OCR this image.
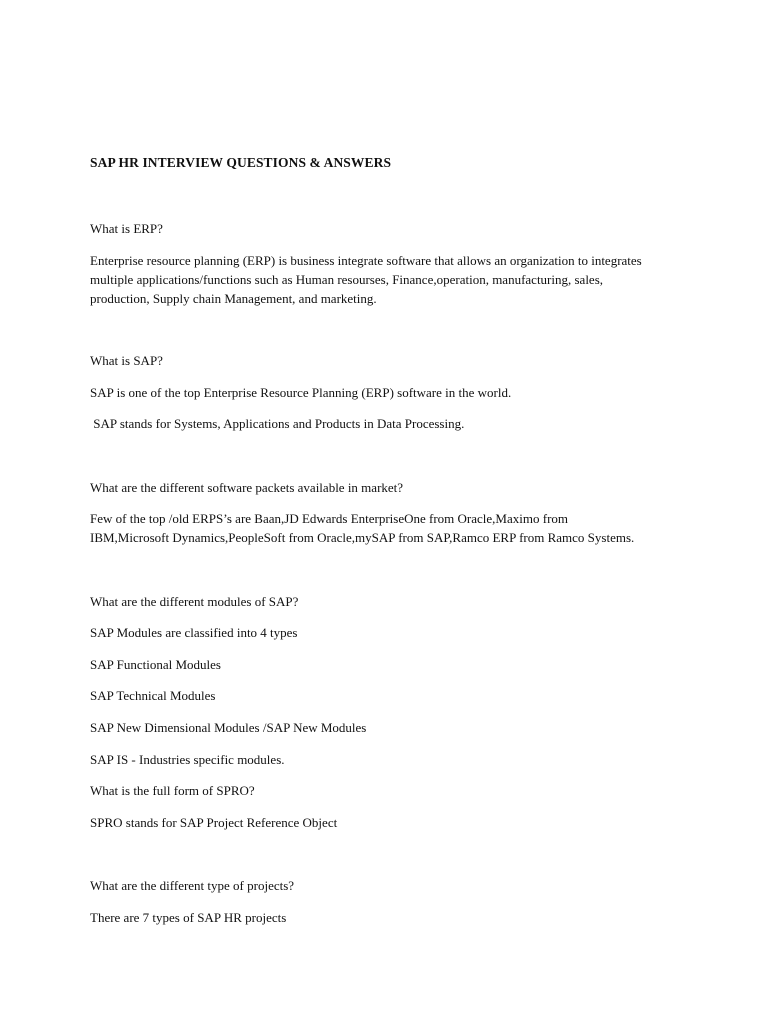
SAP HR INTERVIEW QUESTIONS & ANSWERS
What is ERP?
Enterprise resource planning (ERP) is business integrate software that allows an organization to integrates
multiple applications/functions such as Human resourses, Finance,operation, manufacturing, sales,
production, Supply chain Management, and marketing.
What is SAP?
SAP is one of the top Enterprise Resource Planning (ERP) software in the world.
SAP stands for Systems, Applications and Products in Data Processing.
What are the different software packets available in market?
Few of the top /old ERPS’s are Baan,JD Edwards EnterpriseOne from Oracle,Maximo from
IBM,Microsoft Dynamics,PeopleSoft from Oracle,mySAP from SAP,Ramco ERP from Ramco Systems.
What are the different modules of SAP?
SAP Modules are classified into 4 types
SAP Functional Modules
SAP Technical Modules
SAP New Dimensional Modules /SAP New Modules
SAP IS - Industries specific modules.
What is the full form of SPRO?
SPRO stands for SAP Project Reference Object
What are the different type of projects?
There are 7 types of SAP HR projects
